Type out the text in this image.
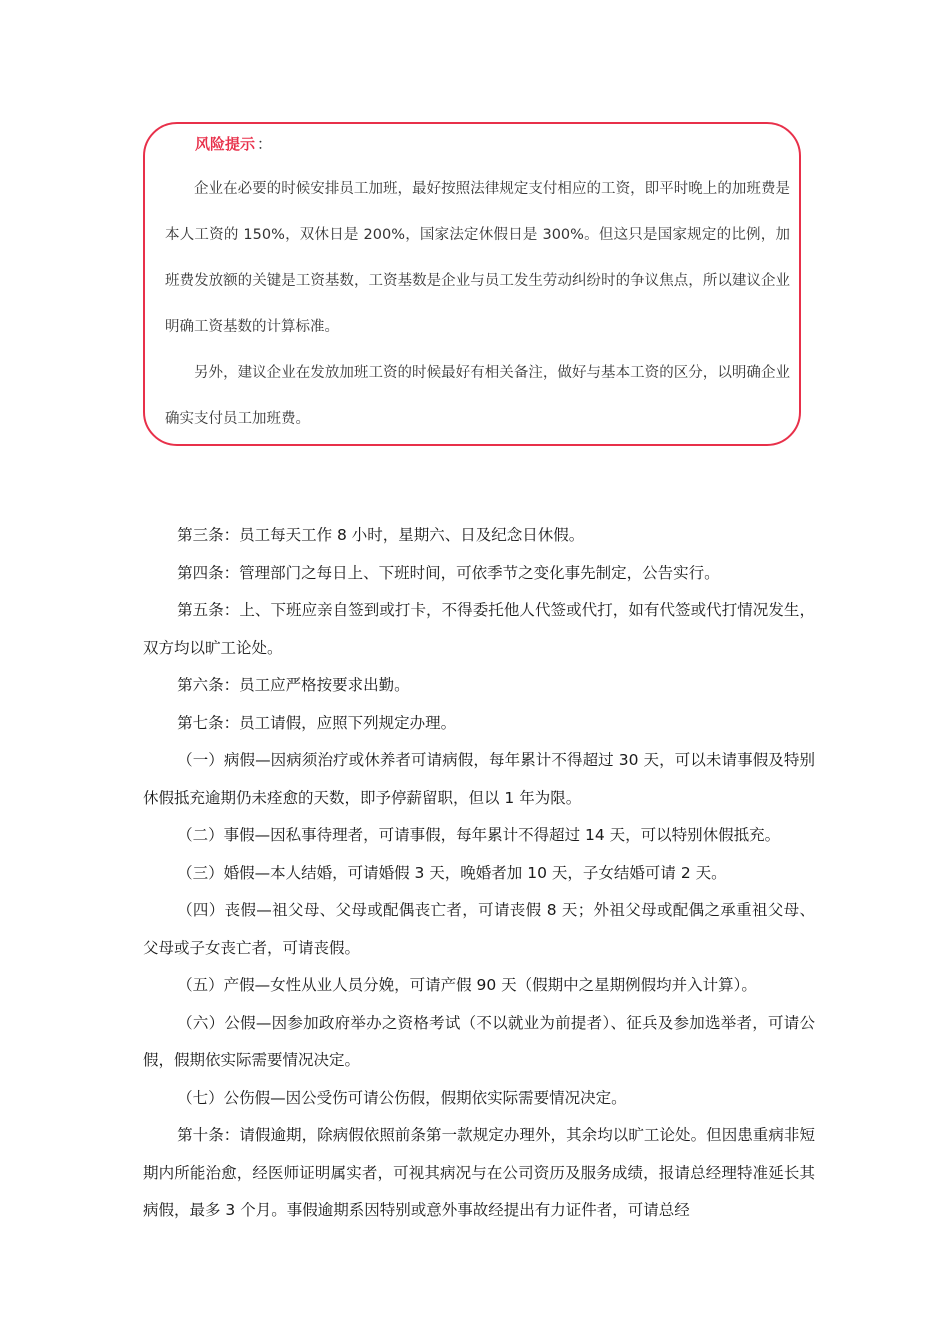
风险提示 ：

企业在必要的时候安排员工加班，最好按照法律规定支付相应的工资，即平时晚上的加班费是本人工资的 150%，双休日是 200%，国家法定休假日是 300%。但这只是国家规定的比例，加班费发放额的关键是工资基数，工资基数是企业与员工发生劳动纠纷时的争议焦点，所以建议企业明确工资基数的计算标准。

另外，建议企业在发放加班工资的时候最好有相关备注，做好与基本工资的区分，以明确企业确实支付员工加班费。

第三条：员工每天工作 8 小时，星期六、日及纪念日休假。

第四条：管理部门之每日上、下班时间，可依季节之变化事先制定，公告实行。

第五条：上、下班应亲自签到或打卡，不得委托他人代签或代打，如有代签或代打情况发生，双方均以旷工论处。

第六条：员工应严格按要求出勤。

第七条：员工请假，应照下列规定办理。

（一）病假—因病须治疗或休养者可请病假，每年累计不得超过 30 天，可以未请事假及特别休假抵充逾期仍未痊愈的天数，即予停薪留职，但以 1 年为限。

（二）事假—因私事待理者，可请事假，每年累计不得超过 14 天，可以特别休假抵充。

（三）婚假—本人结婚，可请婚假 3 天，晚婚者加 10 天，子女结婚可请 2 天。

（四）丧假—祖父母、父母或配偶丧亡者，可请丧假 8 天；外祖父母或配偶之承重祖父母、父母或子女丧亡者，可请丧假。

（五）产假—女性从业人员分娩，可请产假 90 天（假期中之星期例假均并入计算）。

（六）公假—因参加政府举办之资格考试（不以就业为前提者）、征兵及参加选举者，可请公假，假期依实际需要情况决定。

（七）公伤假—因公受伤可请公伤假，假期依实际需要情况决定。

第十条：请假逾期，除病假依照前条第一款规定办理外，其余均以旷工论处。但因患重病非短期内所能治愈，经医师证明属实者，可视其病况与在公司资历及服务成绩，报请总经理特准延长其病假，最多 3 个月。事假逾期系因特别或意外事故经提出有力证件者，可请总经
